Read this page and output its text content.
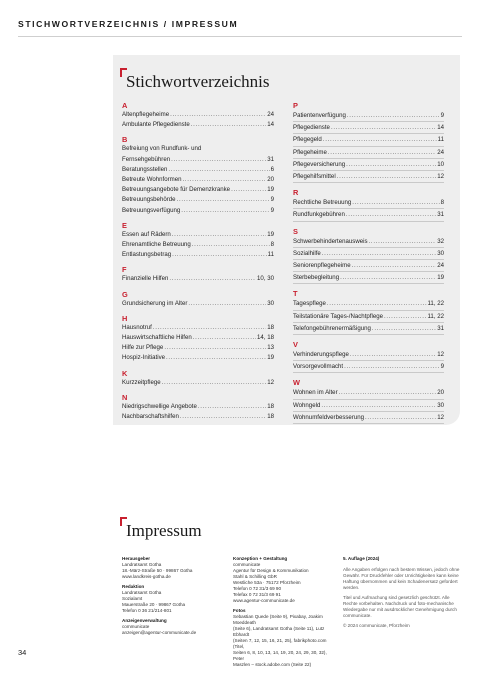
STICHWORTVERZEICHNIS / IMPRESSUM
Stichwortverzeichnis
A
Altenpflegeheime .....	24
Ambulante Pflegedienste .....	14
B
Befreiung von Rundfunk- und
Fernsehgebühren .....	31
Beratungsstellen .....	6
Betreute Wohnformen .....	20
Betreuungsangebote für Demenzkranke .....	19
Betreuungsbehörde .....	9
Betreuungsverfügung .....	9
E
Essen auf Rädern .....	19
Ehrenamtliche Betreuung .....	8
Entlastungsbetrag .....	11
F
Finanzielle Hilfen .....	10, 30
G
Grundsicherung im Alter .....	30
H
Hausnotruf .....	18
Hauswirtschaftliche Hilfen .....	14, 18
Hilfe zur Pflege .....	13
Hospiz-Initiative .....	19
K
Kurzzeitpflege .....	12
N
Niedrigschwellige Angebote .....	18
Nachbarschaftshilfen .....	18
P
Patientenverfügung .....	9
Pflegedienste .....	14
Pflegegeld .....	11
Pflegeheime .....	24
Pflegeversicherung .....	10
Pflegehilfsmittel .....	12
R
Rechtliche Betreuung .....	8
Rundfunkgebühren .....	31
S
Schwerbehindertenausweis .....	32
Sozialhilfe .....	30
Seniorenpflegeheime .....	24
Sterbebegleitung .....	19
T
Tagespflege .....	11, 22
Teilstationäre Tages-/Nachtpflege .....	11, 22
Telefongebührenermäßigung .....	31
V
Verhinderungspflege .....	12
Vorsorgevollmacht .....	9
W
Wohnen im Alter .....	20
Wohngeld .....	30
Wohnumfeldverbesserung .....	12
Impressum
Herausgeber
Landratsamt Gotha
18.-März-Straße 50 · 99867 Gotha
www.landkreis-gotha.de
Redaktion
Landratsamt Gotha
Sozialamt
Mauerstraße 20 · 99867 Gotha
Telefon 0 36 21/214-801
Anzeigenverwaltung
communicate
anzeigen@agentur-communicate.de
Konzeption + Gestaltung
communicate
Agentur für Design & Kommunikation
Stahl & Schilling GbR
Westliche 53a · 75172 Pforzheim
Telefon 0 72 31/3 69 90
Telefax 0 72 31/3 69 91
www.agentur-communicate.de
Fotos
Sebastian Quede (Seite 9), Pixabay, Joakim Moeddeath
(Seite 6), Landratsamt Gotha (Seite 11), Lutz Ebhardt
(Seiten 7, 12, 15, 16, 21, 25), fabrikphoto.com (Titel,
Seiten 6, 8, 10, 13, 14, 19, 20, 24, 29, 30, 32), Peter
Maszlen – stock.adobe.com (Seite 22)
5. Auflage (2024)
Alle Angaben erfolgen nach bestem Wissen, jedoch ohne Gewähr. Für Druckfehler oder Unrichtigkeiten kann keine Haftung übernommen und kein Schadenersatz gefordert werden.
Titel und Aufmachung sind gesetzlich geschützt. Alle Rechte vorbehalten. Nachdruck und foto-mechanische Wiedergabe nur mit ausdrücklicher Genehmigung durch communicate.
© 2024 communicate, Pforzheim
34
